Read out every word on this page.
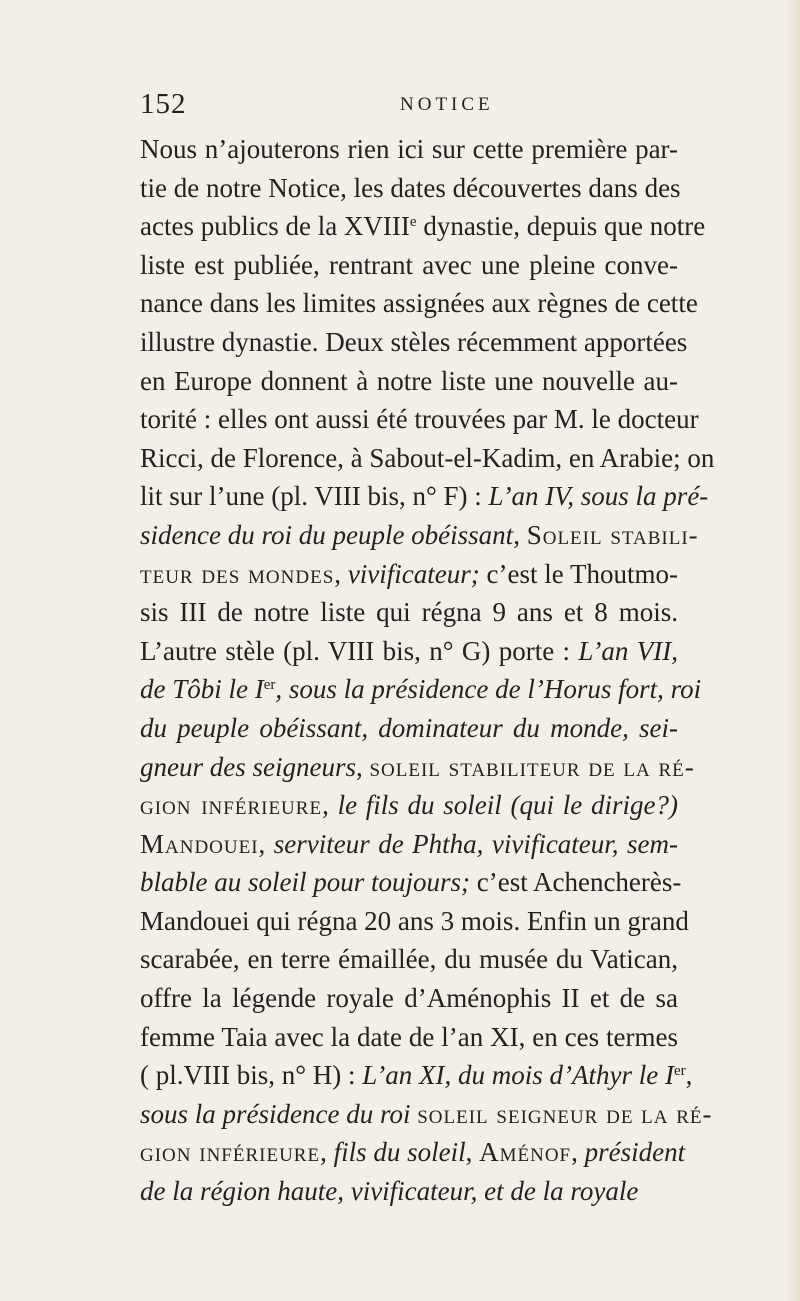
152	NOTICE
Nous n’ajouterons rien ici sur cette première par-
tie de notre Notice, les dates découvertes dans des
actes publics de la XVIIIe dynastie, depuis que notre
liste est publiée, rentrant avec une pleine conve-
nance dans les limites assignées aux règnes de cette
illustre dynastie. Deux stèles récemment apportées
en Europe donnent à notre liste une nouvelle au-
torité : elles ont aussi été trouvées par M. le docteur
Ricci, de Florence, à Sabout-el-Kadim, en Arabie; on
lit sur l’une (pl. VIII bis, n° F) : L’an IV, sous la pré-
sidence du roi du peuple obéissant, Soleil stabili-
teur des mondes, vivificateur; c’est le Thoutmo-
sis III de notre liste qui régna 9 ans et 8 mois.
L’autre stèle (pl. VIII bis, n° G) porte : L’an VII,
de Tôbi le Ier, sous la présidence de l’Horus fort, roi
du peuple obéissant, dominateur du monde, sei-
gneur des seigneurs, soleil stabiliteur de la ré-
gion inférieure, le fils du soleil (qui le dirige?)
Mandouei, serviteur de Phtha, vivificateur, sem-
blable au soleil pour toujours; c’est Achencherès-
Mandouei qui régna 20 ans 3 mois. Enfin un grand
scarabée, en terre émaillée, du musée du Vatican,
offre la légende royale d’Aménophis II et de sa
femme Taia avec la date de l’an XI, en ces termes
( pl.VIII bis, n° H) : L’an XI, du mois d’Athyr le Ier,
sous la présidence du roi soleil seigneur de la ré-
gion inférieure, fils du soleil, Aménof, président
de la région haute, vivificateur, et de la royale
